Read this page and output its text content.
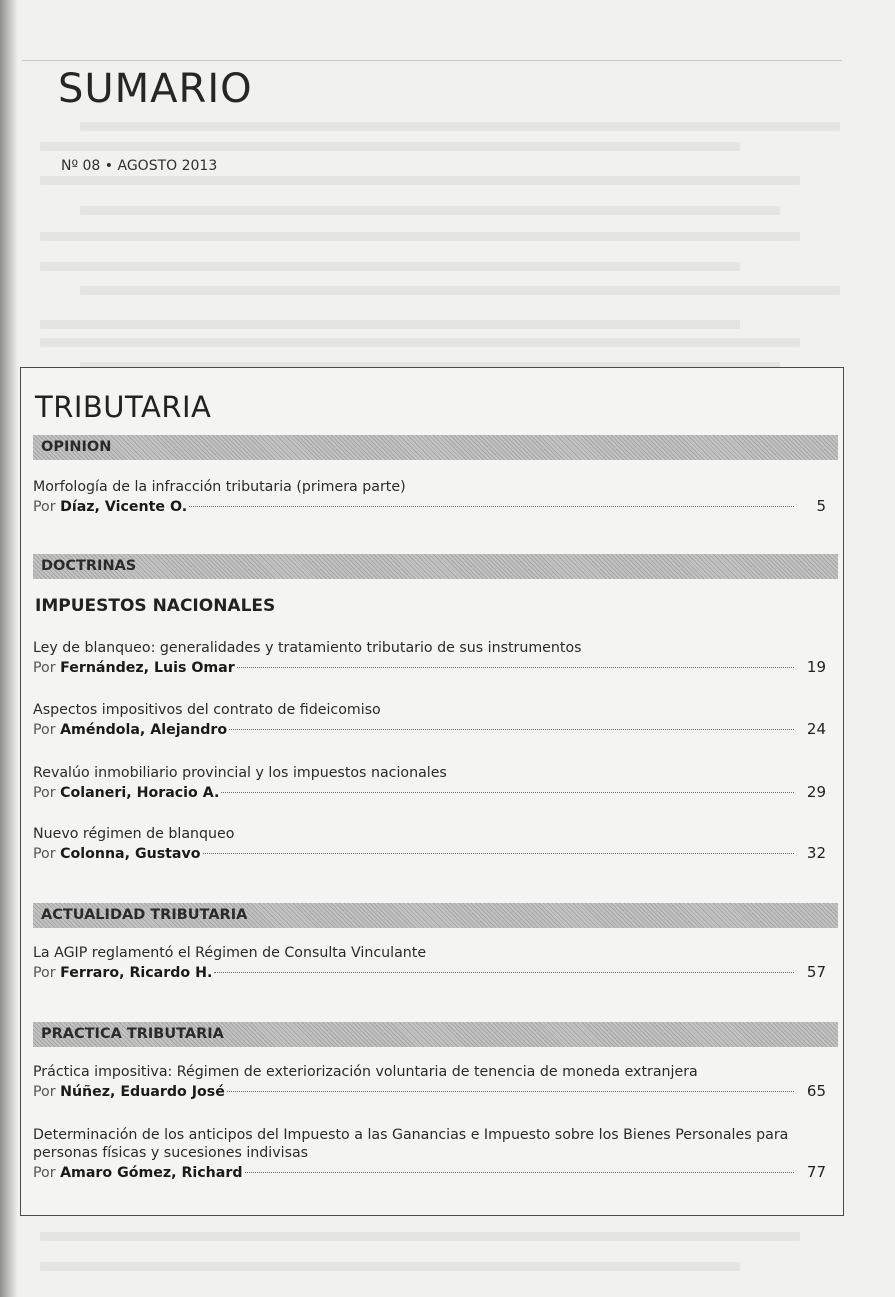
SUMARIO
Nº 08 • AGOSTO 2013
TRIBUTARIA
OPINION
Morfología de la infracción tributaria (primera parte)
Por
Díaz, Vicente O.	5
DOCTRINAS
IMPUESTOS NACIONALES
Ley de blanqueo: generalidades y tratamiento tributario de sus instrumentos
Por
Fernández, Luis Omar	19
Aspectos impositivos del contrato de fideicomiso
Por
Améndola, Alejandro	24
Revalúo inmobiliario provincial y los impuestos nacionales
Por
Colaneri, Horacio A.	29
Nuevo régimen de blanqueo
Por
Colonna, Gustavo	32
ACTUALIDAD TRIBUTARIA
La AGIP reglamentó el Régimen de Consulta Vinculante
Por
Ferraro, Ricardo H.	57
PRACTICA TRIBUTARIA
Práctica impositiva: Régimen de exteriorización voluntaria de tenencia de moneda extranjera
Por
Núñez, Eduardo José	65
Determinación de los anticipos del Impuesto a las Ganancias e Impuesto sobre los Bienes Personales para personas físicas y sucesiones indivisas
Por
Amaro Gómez, Richard	77
